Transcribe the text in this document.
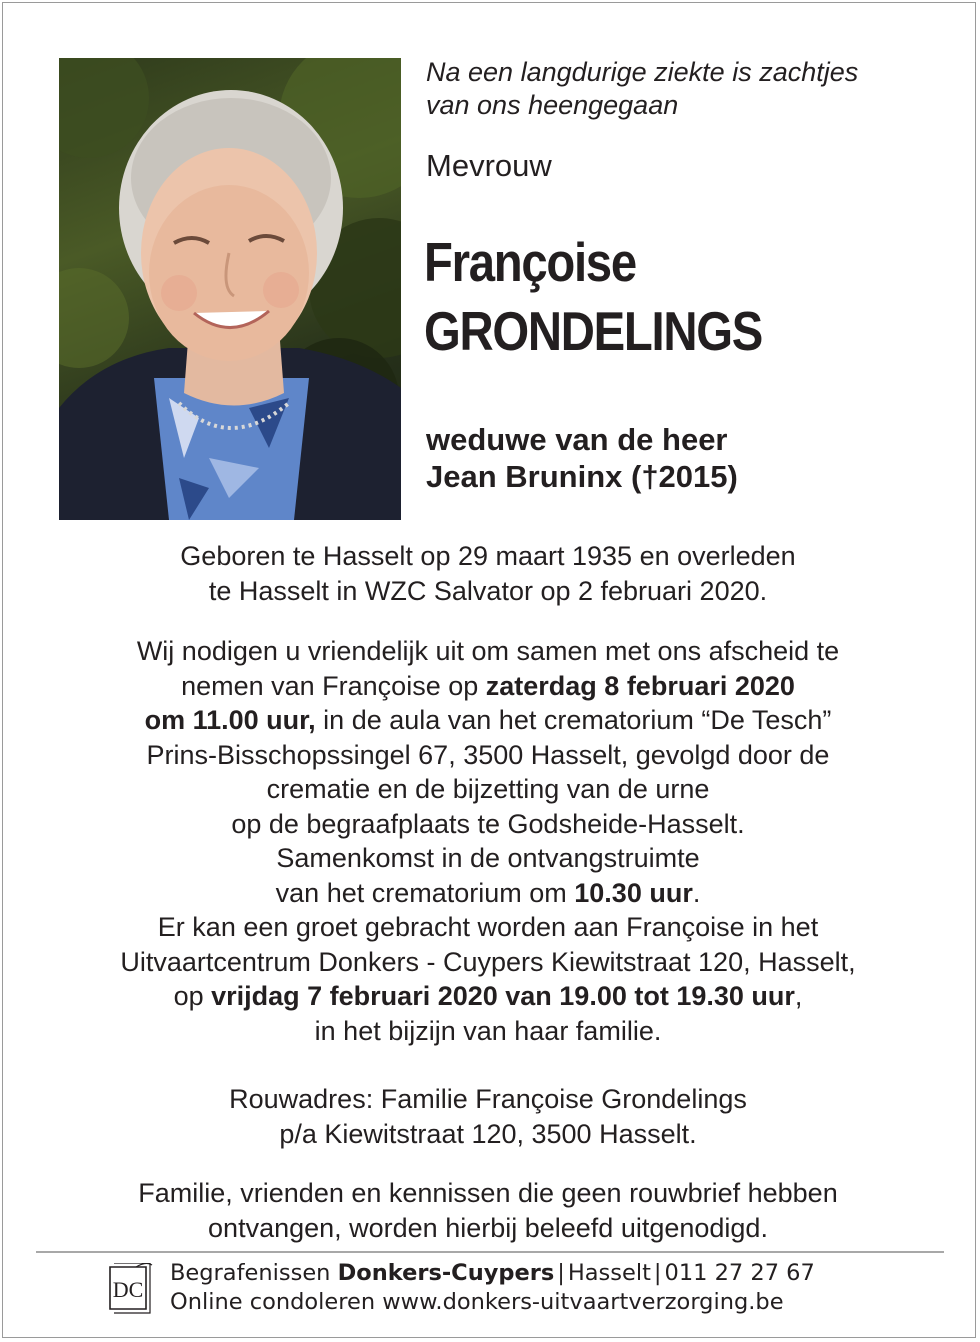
Na een langdurige ziekte is zachtjes
van ons heengegaan
Mevrouw
Françoise
GRONDELINGS
weduwe van de heer
Jean Bruninx (†2015)

Geboren te Hasselt op 29 maart 1935 en overleden

te Hasselt in WZC Salvator op 2 februari 2020.

Wij nodigen u vriendelijk uit om samen met ons afscheid te

nemen van Françoise op zaterdag 8 februari 2020

om 11.00 uur, in de aula van het crematorium “De Tesch”

Prins-Bisschopssingel 67, 3500 Hasselt, gevolgd door de

crematie en de bijzetting van de urne

op de begraafplaats te Godsheide-Hasselt.

Samenkomst in de ontvangstruimte

van het crematorium om 10.30 uur.

Er kan een groet gebracht worden aan Françoise in het

Uitvaartcentrum Donkers - Cuypers Kiewitstraat 120, Hasselt,

op vrijdag 7 februari 2020 van 19.00 tot 19.30 uur,

in het bijzijn van haar familie.

Rouwadres: Familie Françoise Grondelings

p/a Kiewitstraat 120, 3500 Hasselt.

Familie, vrienden en kennissen die geen rouwbrief hebben

ontvangen, worden hierbij beleefd uitgenodigd.

DC

Begrafenissen Donkers-Cuypers | Hasselt | 011 27 27 67

Online condoleren www.donkers-uitvaartverzorging.be
